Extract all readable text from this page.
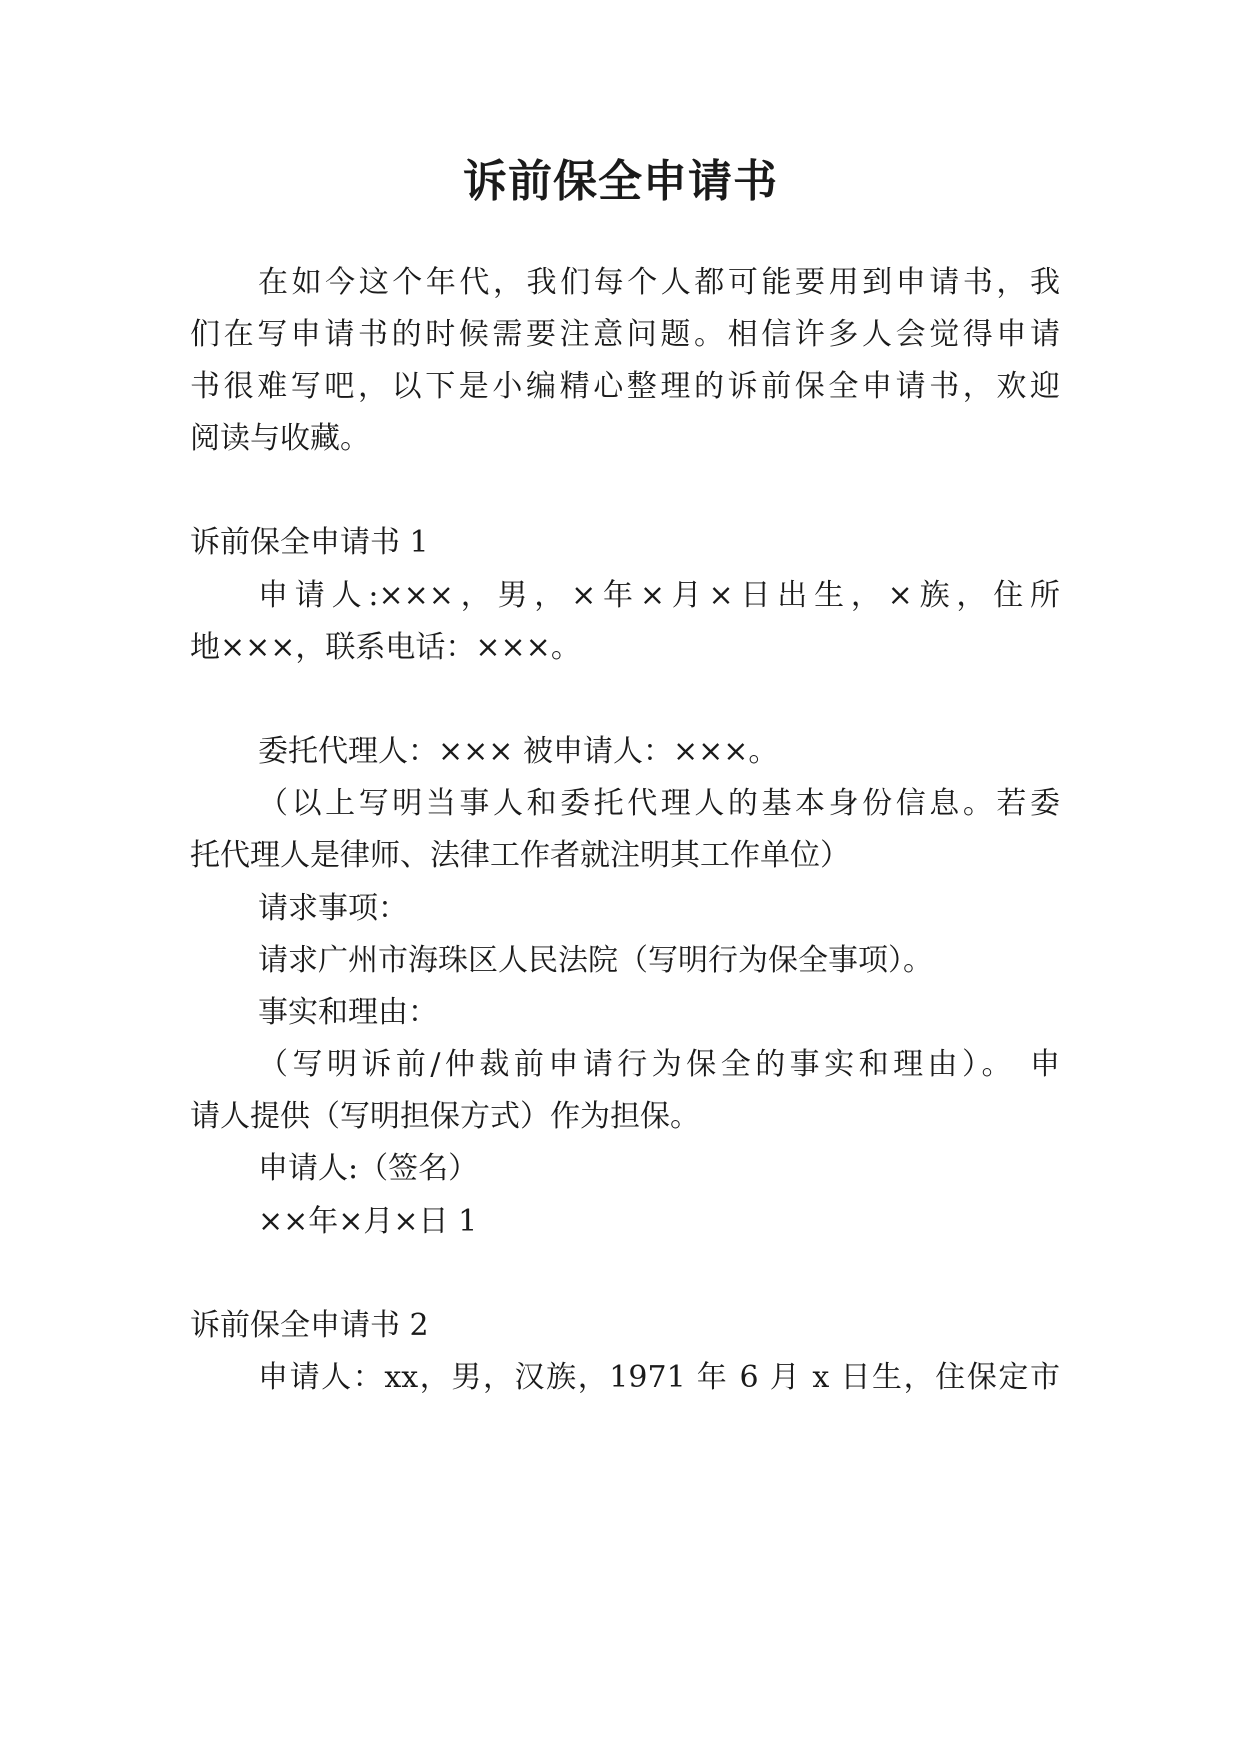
诉前保全申请书

在如今这个年代，我们每个人都可能要用到申请书，我

们在写申请书的时候需要注意问题。相信许多人会觉得申请

书很难写吧，以下是小编精心整理的诉前保全申请书，欢迎

阅读与收藏。

诉前保全申请书 1

申请人:×××，男，×年×月×日出生，×族，住所

地×××，联系电话：×××。

委托代理人：××× 被申请人：×××。

（以上写明当事人和委托代理人的基本身份信息。若委

托代理人是律师、法律工作者就注明其工作单位）

请求事项：

请求广州市海珠区人民法院（写明行为保全事项）。

事实和理由：

（写明诉前/仲裁前申请行为保全的事实和理由）。 申

请人提供（写明担保方式）作为担保。

申请人:（签名）

××年×月×日 1

诉前保全申请书 2

申请人：xx，男，汉族，1971 年 6 月 x 日生，住保定市
